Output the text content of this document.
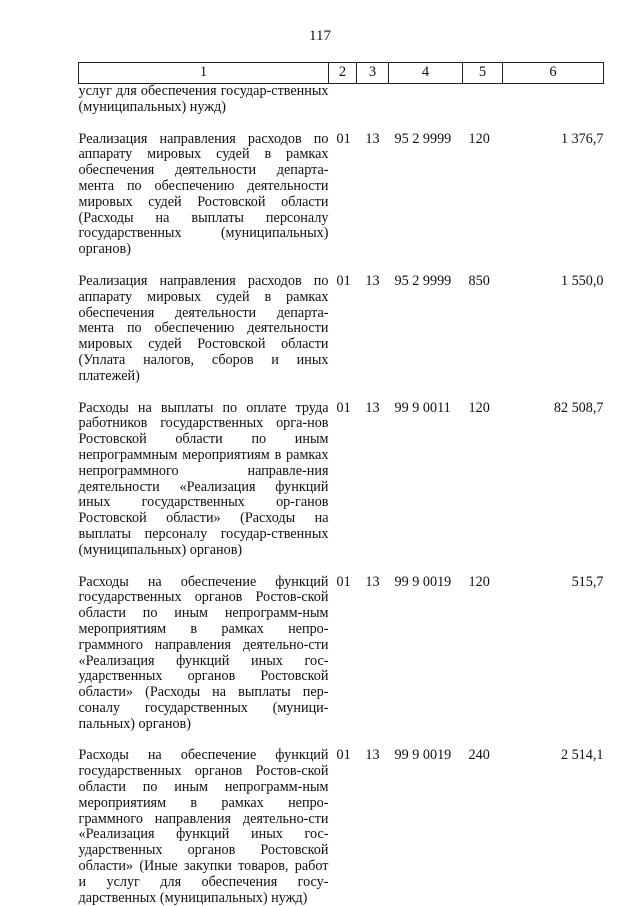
117
1	2	3	4	5	6
услуг для обеспечения государ-ственных (муниципальных) нужд)					

Реализация направления расходов по аппарату мировых судей в рамках обеспечения деятельности департа-мента по обеспечению деятельности мировых судей Ростовской области (Расходы на выплаты персоналу государственных (муниципальных) органов)	01	13	95 2 9999	120	1 376,7

Реализация направления расходов по аппарату мировых судей в рамках обеспечения деятельности департа-мента по обеспечению деятельности мировых судей Ростовской области (Уплата налогов, сборов и иных платежей)	01	13	95 2 9999	850	1 550,0

Расходы на выплаты по оплате труда работников государственных орга-нов Ростовской области по иным непрограммным мероприятиям в рамках непрограммного направле-ния деятельности «Реализация функций иных государственных ор-ганов Ростовской области» (Расходы на выплаты персоналу государ-ственных (муниципальных) органов)	01	13	99 9 0011	120	82 508,7

Расходы на обеспечение функций государственных органов Ростов-ской области по иным непрограмм-ным мероприятиям в рамках непро-граммного направления деятельно-сти «Реализация функций иных гос-ударственных органов Ростовской области» (Расходы на выплаты пер-соналу государственных (муници-пальных) органов)	01	13	99 9 0019	120	515,7

Расходы на обеспечение функций государственных органов Ростов-ской области по иным непрограмм-ным мероприятиям в рамках непро-граммного направления деятельно-сти «Реализация функций иных гос-ударственных органов Ростовской области» (Иные закупки товаров, работ и услуг для обеспечения госу-дарственных (муниципальных) нужд)	01	13	99 9 0019	240	2 514,1
